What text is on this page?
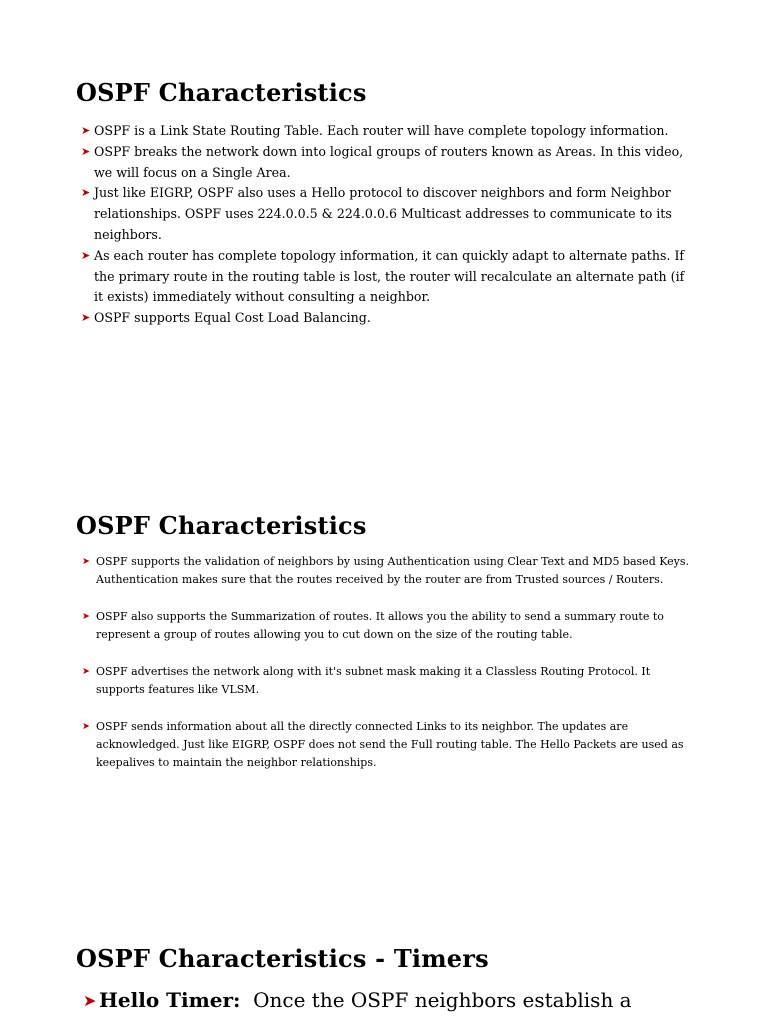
OSPF Characteristics
➤ OSPF is a Link State Routing Table. Each router will have complete topology information.
➤ OSPF breaks the network down into logical groups of routers known as Areas. In this video, we will focus on a Single Area.
➤ Just like EIGRP, OSPF also uses a Hello protocol to discover neighbors and form Neighbor relationships. OSPF uses 224.0.0.5 & 224.0.0.6 Multicast addresses to communicate to its neighbors.
➤ As each router has complete topology information, it can quickly adapt to alternate paths. If the primary route in the routing table is lost, the router will recalculate an alternate path (if it exists) immediately without consulting a neighbor.
➤ OSPF supports Equal Cost Load Balancing.
OSPF Characteristics
➤ OSPF supports the validation of neighbors by using Authentication using Clear Text and MD5 based Keys. Authentication makes sure that the routes received by the router are from Trusted sources / Routers.
➤ OSPF also supports the Summarization of routes. It allows you the ability to send a summary route to represent a group of routes allowing you to cut down on the size of the routing table.
➤ OSPF advertises the network along with it's subnet mask making it a Classless Routing Protocol. It supports features like VLSM.
➤ OSPF sends information about all the directly connected Links to its neighbor. The updates are acknowledged. Just like EIGRP, OSPF does not send the Full routing table. The Hello Packets are used as keepalives to maintain the neighbor relationships.
OSPF Characteristics - Timers
➤ Hello Timer: Once the OSPF neighbors establish a
